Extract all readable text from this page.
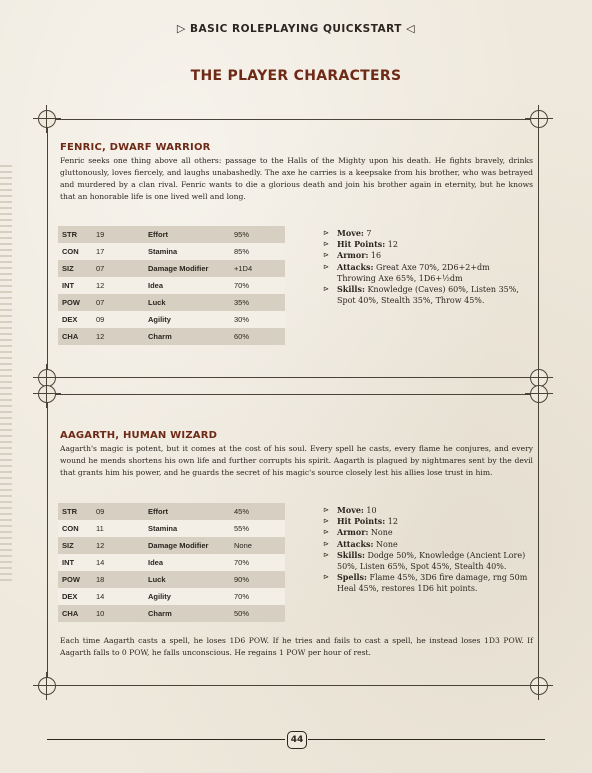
▷ BASIC ROLEPLAYING QUICKSTART ◁
THE PLAYER CHARACTERS
FENRIC, DWARF WARRIOR
Fenric seeks one thing above all others: passage to the Halls of the Mighty upon his death. He fights bravely, drinks gluttonously, loves fiercely, and laughs unabashedly. The axe he carries is a keepsake from his brother, who was betrayed and murdered by a clan rival. Fenric wants to die a glorious death and join his brother again in eternity, but he knows that an honorable life is one lived well and long.
STR	19	Effort	95%
CON	17	Stamina	85%
SIZ	07	Damage Modifier	+1D4
INT	12	Idea	70%
POW	07	Luck	35%
DEX	09	Agility	30%
CHA	12	Charm	60%
⊳ Move: 7
⊳ Hit Points: 12
⊳ Armor: 16
⊳ Attacks: Great Axe 70%, 2D6+2+dm Throwing Axe 65%, 1D6+½dm
⊳ Skills: Knowledge (Caves) 60%, Listen 35%, Spot 40%, Stealth 35%, Throw 45%.
AAGARTH, HUMAN WIZARD
Aagarth's magic is potent, but it comes at the cost of his soul. Every spell he casts, every flame he conjures, and every wound he mends shortens his own life and further corrupts his spirit. Aagarth is plagued by nightmares sent by the devil that grants him his power, and he guards the secret of his magic's source closely lest his allies lose trust in him.
STR	09	Effort	45%
CON	11	Stamina	55%
SIZ	12	Damage Modifier	None
INT	14	Idea	70%
POW	18	Luck	90%
DEX	14	Agility	70%
CHA	10	Charm	50%
⊳ Move: 10
⊳ Hit Points: 12
⊳ Armor: None
⊳ Attacks: None
⊳ Skills: Dodge 50%, Knowledge (Ancient Lore) 50%, Listen 65%, Spot 45%, Stealth 40%.
⊳ Spells: Flame 45%, 3D6 fire damage, rng 50m Heal 45%, restores 1D6 hit points.
Each time Aagarth casts a spell, he loses 1D6 POW. If he tries and fails to cast a spell, he instead loses 1D3 POW. If Aagarth falls to 0 POW, he falls unconscious. He regains 1 POW per hour of rest.
44
